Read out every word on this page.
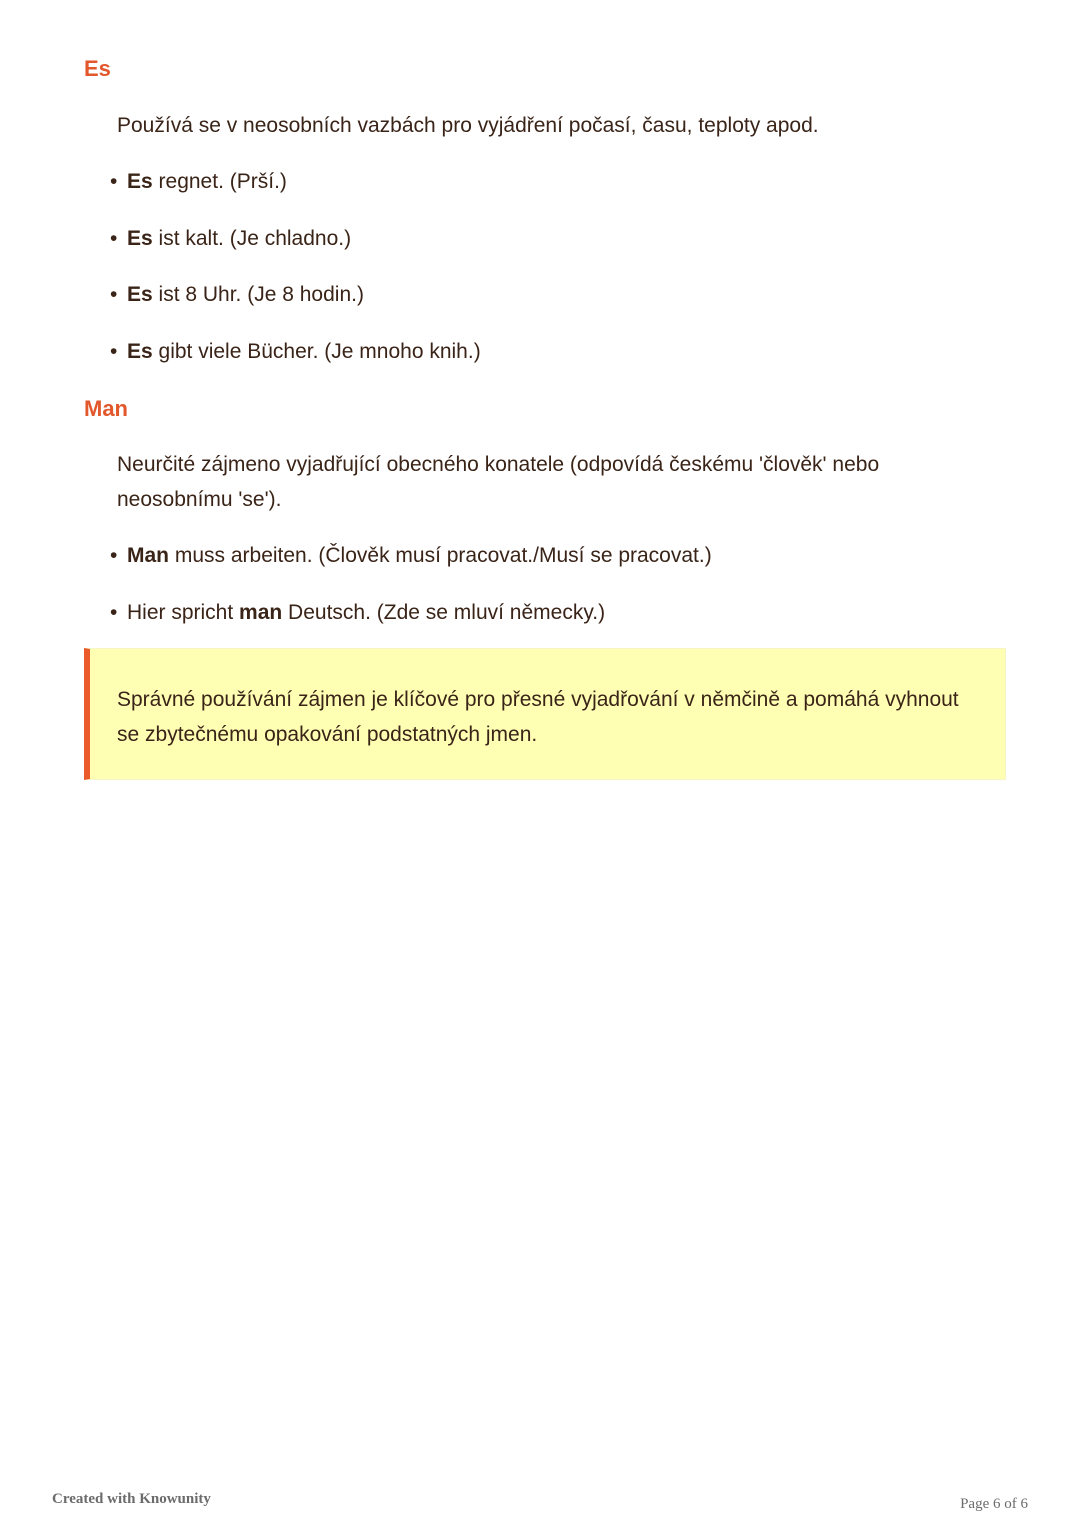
Es

Používá se v neosobních vazbách pro vyjádření počasí, času, teploty apod.

• Es regnet. (Prší.)

• Es ist kalt. (Je chladno.)

• Es ist 8 Uhr. (Je 8 hodin.)

• Es gibt viele Bücher. (Je mnoho knih.)

Man

Neurčité zájmeno vyjadřující obecného konatele (odpovídá českému 'člověk' nebo neosobnímu 'se').

• Man muss arbeiten. (Člověk musí pracovat./Musí se pracovat.)

• Hier spricht man Deutsch. (Zde se mluví německy.)

Správné používání zájmen je klíčové pro přesné vyjadřování v němčině a pomáhá vyhnout se zbytečnému opakování podstatných jmen.

Created with Knowunity	Page 6 of 6
